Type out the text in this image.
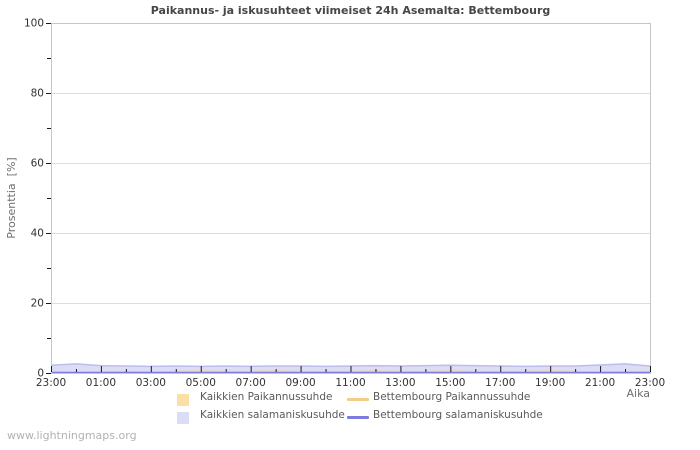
Paikannus- ja iskusuhteet viimeiset 24h Asemalta: Bettembourg
0
20
40
60
80
100
23:00 01:00 03:00 05:00 07:00 09:00 11:00 13:00 15:00 17:00 19:00 21:00 23:00
Aika
Prosenttia  [%]
Kaikkien Paikannussuhde	Bettembourg Paikannussuhde
Kaikkien salamaniskusuhde	Bettembourg salamaniskusuhde
www.lightningmaps.org
